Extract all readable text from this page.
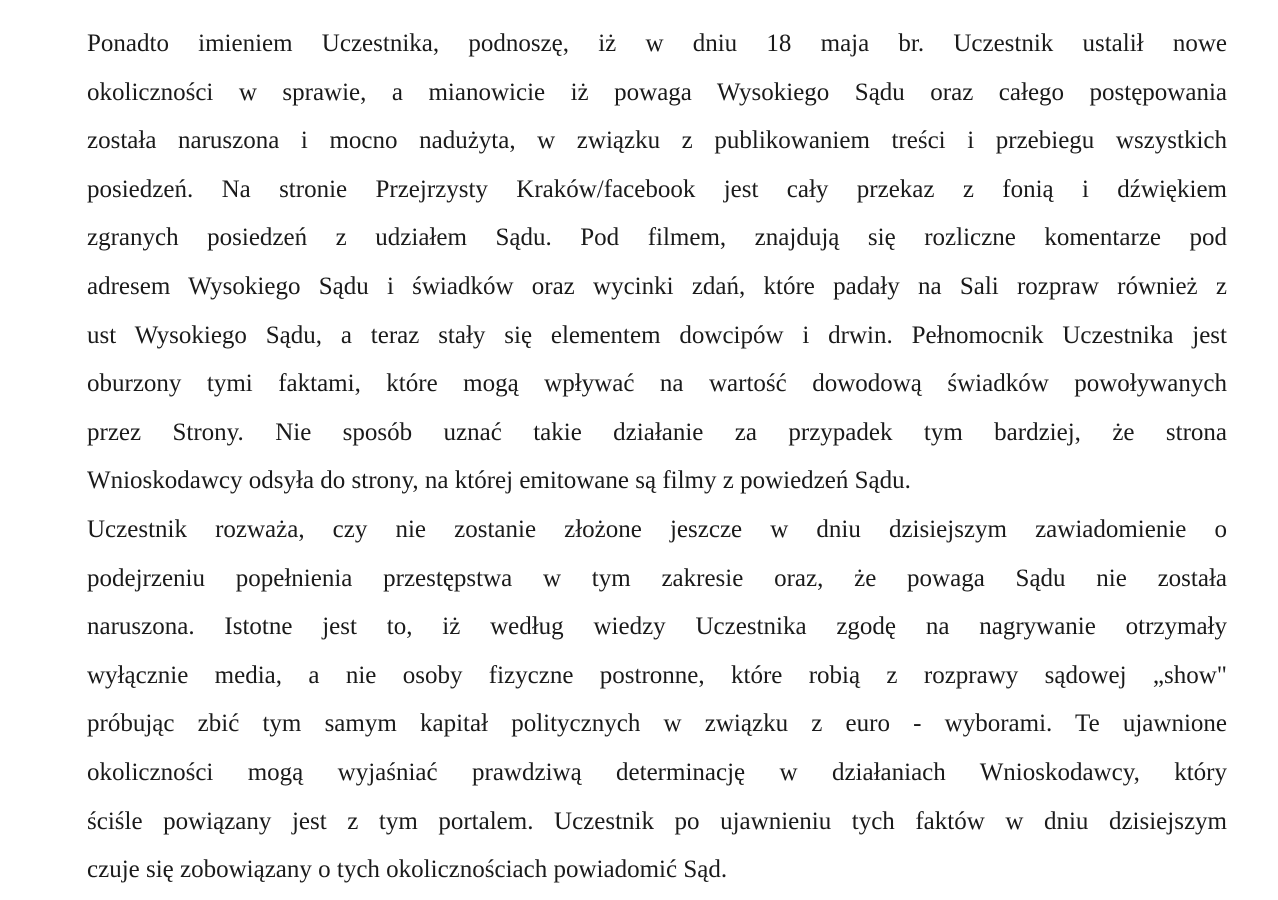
Ponadto imieniem Uczestnika, podnoszę, iż w dniu 18 maja br. Uczestnik ustalił nowe
okoliczności w sprawie, a mianowicie iż powaga Wysokiego Sądu oraz całego postępowania
została naruszona i mocno nadużyta, w związku z publikowaniem treści i przebiegu wszystkich
posiedzeń. Na stronie Przejrzysty Kraków/facebook jest cały przekaz z fonią i dźwiękiem
zgranych posiedzeń z udziałem Sądu. Pod filmem, znajdują się rozliczne komentarze pod
adresem Wysokiego Sądu i świadków oraz wycinki zdań, które padały na Sali rozpraw również z
ust Wysokiego Sądu, a teraz stały się elementem dowcipów i drwin. Pełnomocnik Uczestnika jest
oburzony tymi faktami, które mogą wpływać na wartość dowodową świadków powoływanych
przez Strony. Nie sposób uznać takie działanie za przypadek tym bardziej, że strona
Wnioskodawcy odsyła do strony, na której emitowane są filmy z powiedzeń Sądu.
Uczestnik rozważa, czy nie zostanie złożone jeszcze w dniu dzisiejszym zawiadomienie o
podejrzeniu popełnienia przestępstwa w tym zakresie oraz, że powaga Sądu nie została
naruszona. Istotne jest to, iż według wiedzy Uczestnika zgodę na nagrywanie otrzymały
wyłącznie media, a nie osoby fizyczne postronne, które robią z rozprawy sądowej „show"
próbując zbić tym samym kapitał politycznych w związku z euro - wyborami. Te ujawnione
okoliczności mogą wyjaśniać prawdziwą determinację w działaniach Wnioskodawcy, który
ściśle powiązany jest z tym portalem. Uczestnik po ujawnieniu tych faktów w dniu dzisiejszym
czuje się zobowiązany o tych okolicznościach powiadomić Sąd.
